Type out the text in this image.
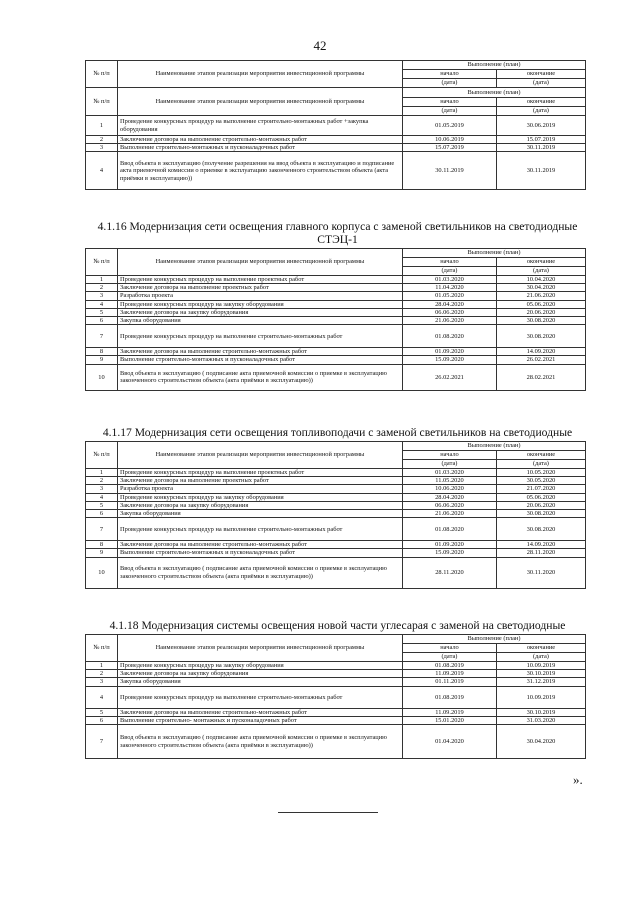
42
№ п/п	Наименование этапов реализации мероприятия инвестиционной программы	Выполнение (план)	
		начало	окончание
		(дата)	(дата)
№ п/п	Наименование этапов реализации мероприятия инвестиционной программы	Выполнение (план)	
		начало	окончание
		(дата)	(дата)
1	Проведение конкурсных процедур на выполнение строительно-монтажных работ +закупка оборудования	01.05.2019	30.06.2019
2	Заключение договора на выполнение строительно-монтажных работ	10.06.2019	15.07.2019
3	Выполнение строительно-монтажных и пусконаладочных работ	15.07.2019	30.11.2019
4	Ввод объекта в эксплуатацию (получение разрешения на ввод объекта в эксплуатацию и подписание акта приемочной комиссии о приемке в эксплуатацию законченного строительством объекта (акта приёмки в эксплуатацию))	30.11.2019	30.11.2019
4.1.16 Модернизация сети освещения главного корпуса с заменой светильников на светодиодные СТЭЦ-1
№ п/п	Наименование этапов реализации мероприятия инвестиционной программы	Выполнение (план)	
		начало	окончание
		(дата)	(дата)
1	Проведение конкурсных процедур на выполнение проектных работ	01.03.2020	10.04.2020
2	Заключение договора на выполнение проектных работ	11.04.2020	30.04.2020
3	Разработка проекта	01.05.2020	21.06.2020
4	Проведение конкурсных процедур на закупку оборудования	28.04.2020	05.06.2020
5	Заключение договора на закупку оборудования	06.06.2020	20.06.2020
6	Закупка оборудования	21.06.2020	30.08.2020
7	Проведение конкурсных процедур на выполнение строительно-монтажных работ	01.08.2020	30.08.2020
8	Заключение договора на выполнение строительно-монтажных работ	01.09.2020	14.09.2020
9	Выполнение строительно-монтажных и пусконаладочных работ	15.09.2020	26.02.2021
10	Ввод объекта в эксплуатацию ( подписание акта приемочной комиссии о приемке в эксплуатацию законченного строительством объекта (акта приёмки в эксплуатацию))	26.02.2021	28.02.2021
4.1.17 Модернизация сети освещения топливоподачи с заменой светильников на светодиодные
№ п/п	Наименование этапов реализации мероприятия инвестиционной программы	Выполнение (план)	
		начало	окончание
		(дата)	(дата)
1	Проведение конкурсных процедур на выполнение проектных работ	01.03.2020	10.05.2020
2	Заключение договора на выполнение проектных работ	11.05.2020	30.05.2020
3	Разработка проекта	10.06.2020	21.07.2020
4	Проведение конкурсных процедур на закупку оборудования	28.04.2020	05.06.2020
5	Заключение договора на закупку оборудования	06.06.2020	20.06.2020
6	Закупка оборудования	21.06.2020	30.08.2020
7	Проведение конкурсных процедур на выполнение строительно-монтажных работ	01.08.2020	30.08.2020
8	Заключение договора на выполнение строительно-монтажных работ	01.09.2020	14.09.2020
9	Выполнение строительно-монтажных и пусконаладочных работ	15.09.2020	28.11.2020
10	Ввод объекта в эксплуатацию ( подписание акта приемочной комиссии о приемке в эксплуатацию законченного строительством объекта (акта приёмки в эксплуатацию))	28.11.2020	30.11.2020
4.1.18 Модернизация системы освещения новой части углесарая с заменой на светодиодные
№ п/п	Наименование этапов реализации мероприятия инвестиционной программы	Выполнение (план)	
		начало	окончание
		(дата)	(дата)
1	Проведение конкурсных процедур на закупку оборудования	01.08.2019	10.09.2019
2	Заключение договора на закупку оборудования	11.09.2019	30.10.2019
3	Закупка оборудования	01.11.2019	31.12.2019
4	Проведение конкурсных процедур на выполнение строительно-монтажных работ	01.08.2019	10.09.2019
5	Заключение договора на выполнение строительно-монтажных работ	11.09.2019	30.10.2019
6	Выполнение строительно- монтажных и пусконаладочных работ	15.01.2020	31.03.2020
7	Ввод объекта в эксплуатацию ( подписание акта приемочной комиссии о приемке в эксплуатацию законченного строительством объекта (акта приёмки в эксплуатацию))	01.04.2020	30.04.2020
».
